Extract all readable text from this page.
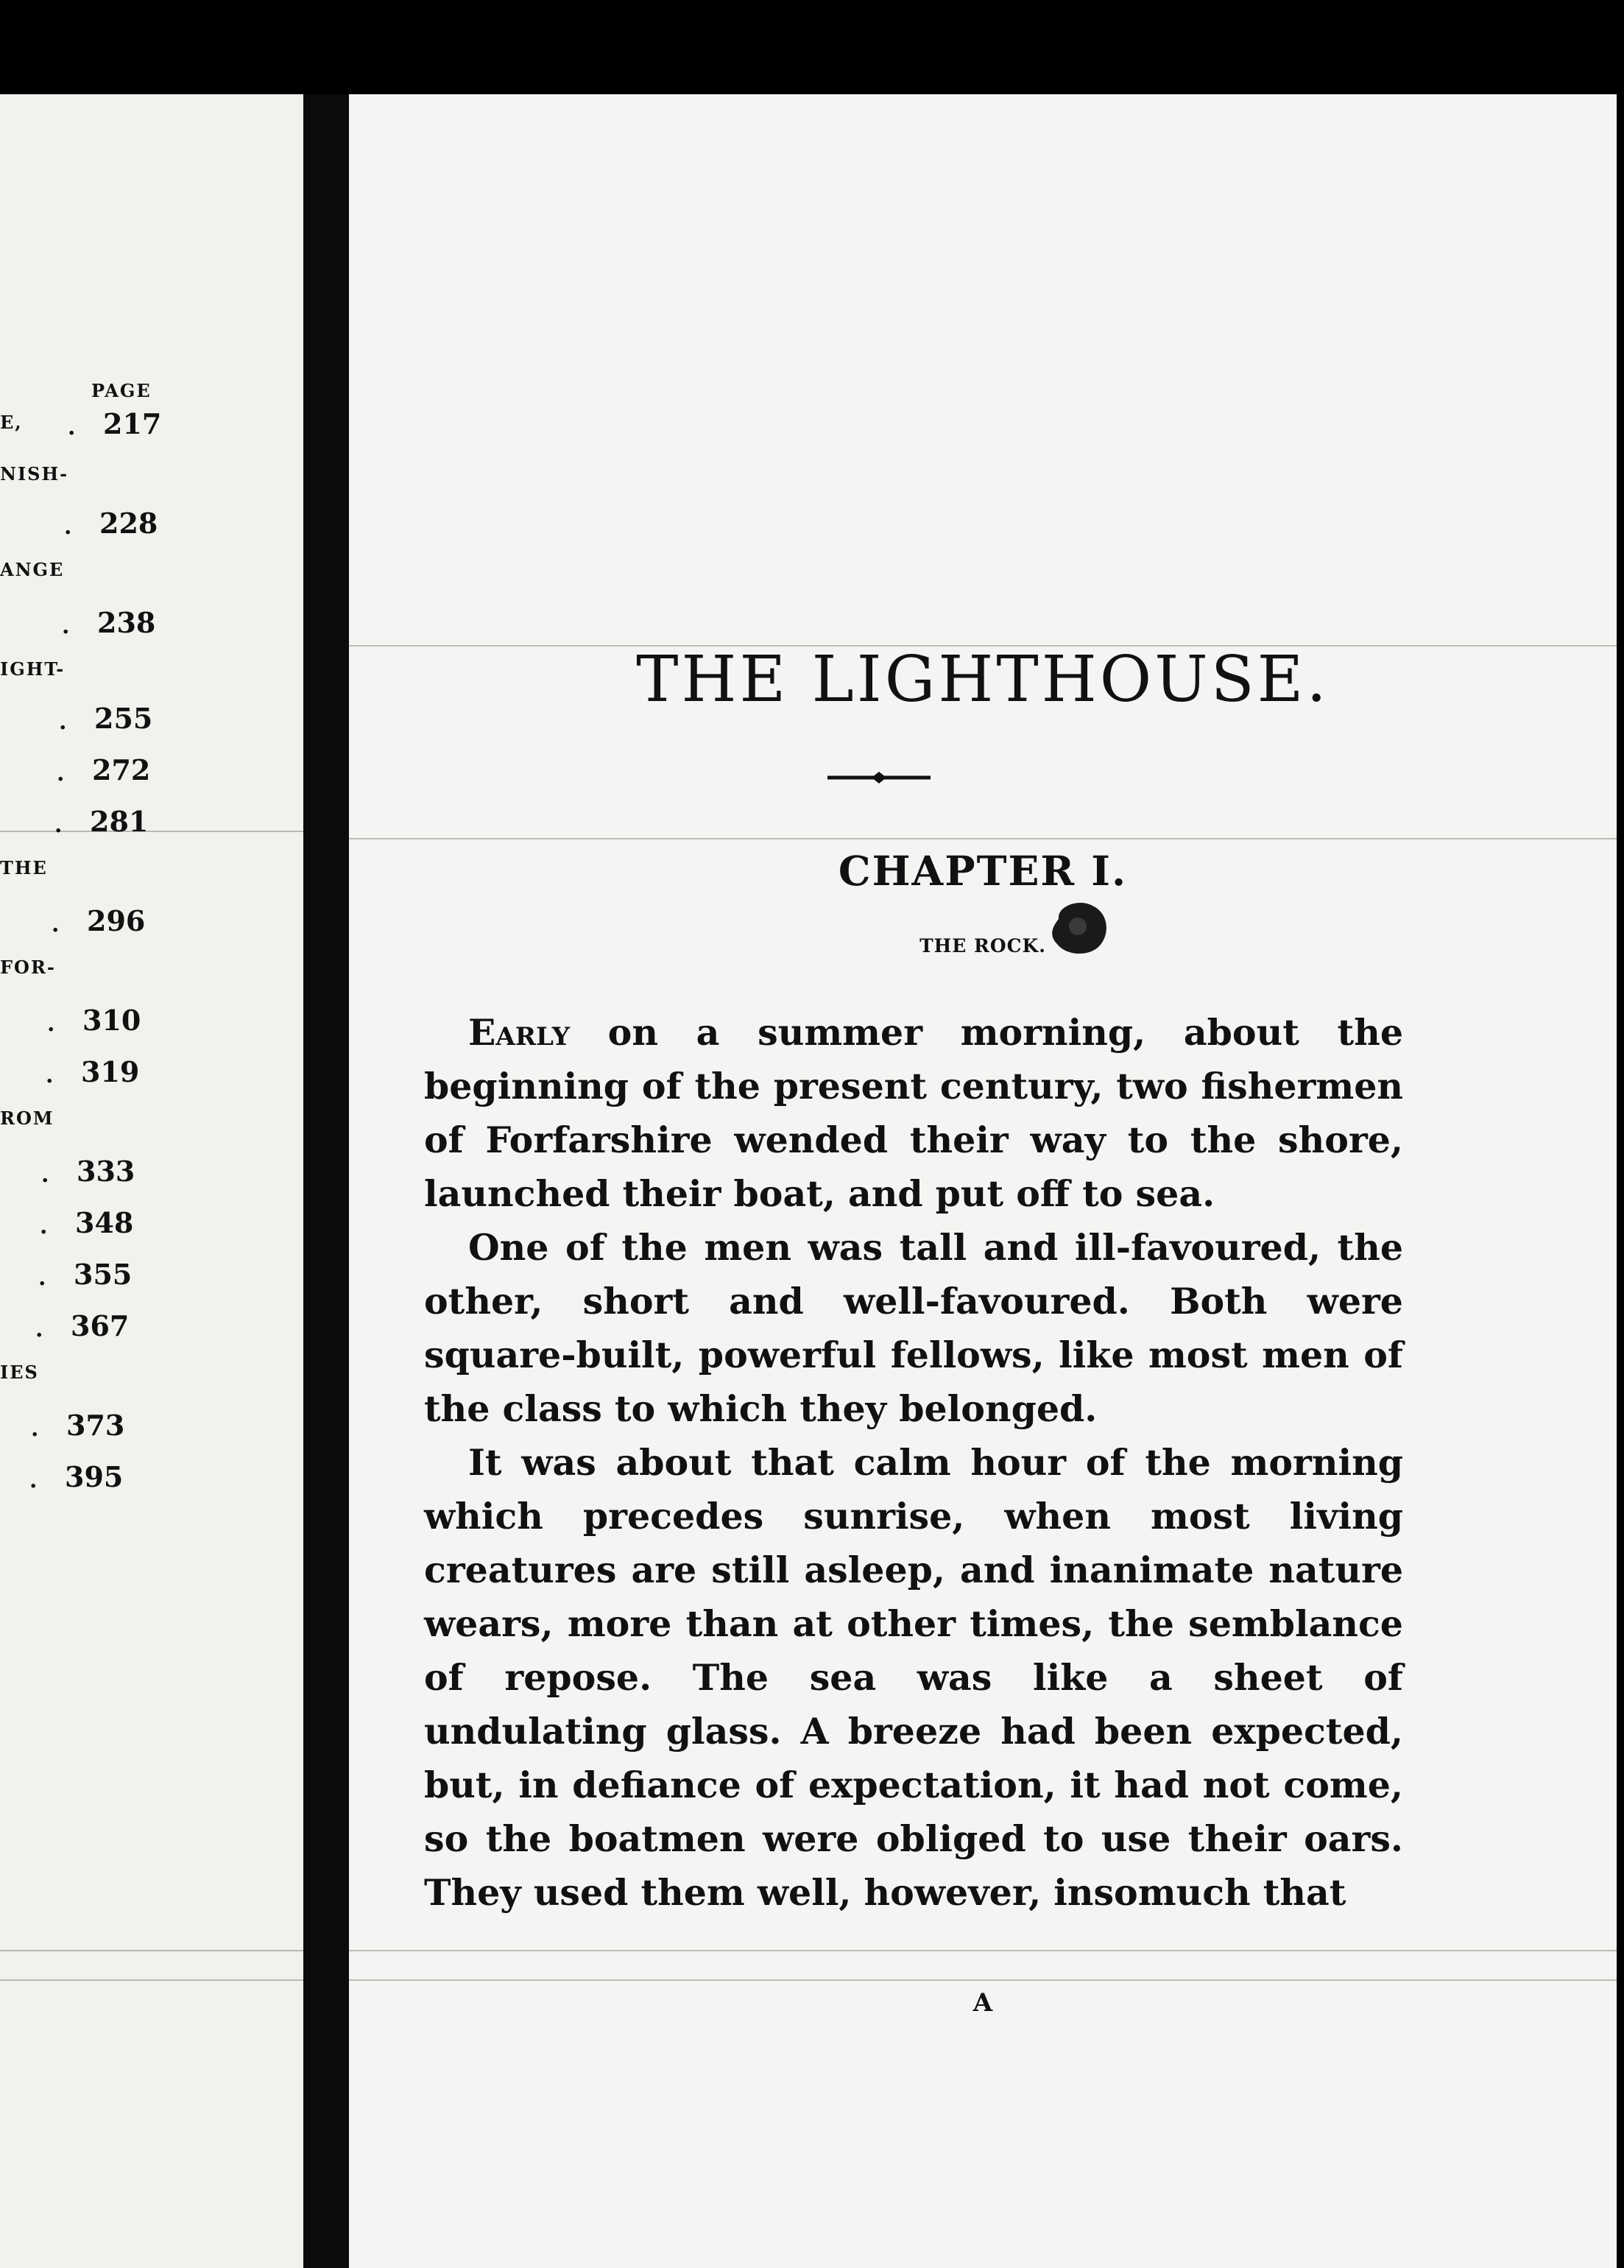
PAGE
E, . 217
NISH-
. 228
ANGE
. 238
IGHT-
. 255
. 272
. 281
THE
. 296
FOR-
. 310
. 319
ROM
. 333
. 348
. 355
. 367
IES
. 373
. 395
THE LIGHTHOUSE.
CHAPTER I.
THE ROCK.

Early on a summer morning, about the beginning of the present century, two fishermen of Forfarshire wended their way to the shore, launched their boat, and put off to sea.

One of the men was tall and ill-favoured, the other, short and well-favoured. Both were square-built, powerful fellows, like most men of the class to which they belonged.

It was about that calm hour of the morning which precedes sunrise, when most living creatures are still asleep, and inanimate nature wears, more than at other times, the semblance of repose. The sea was like a sheet of undulating glass. A breeze had been expected, but, in defiance of expectation, it had not come, so the boatmen were obliged to use their oars. They used them well, however, insomuch that

A
